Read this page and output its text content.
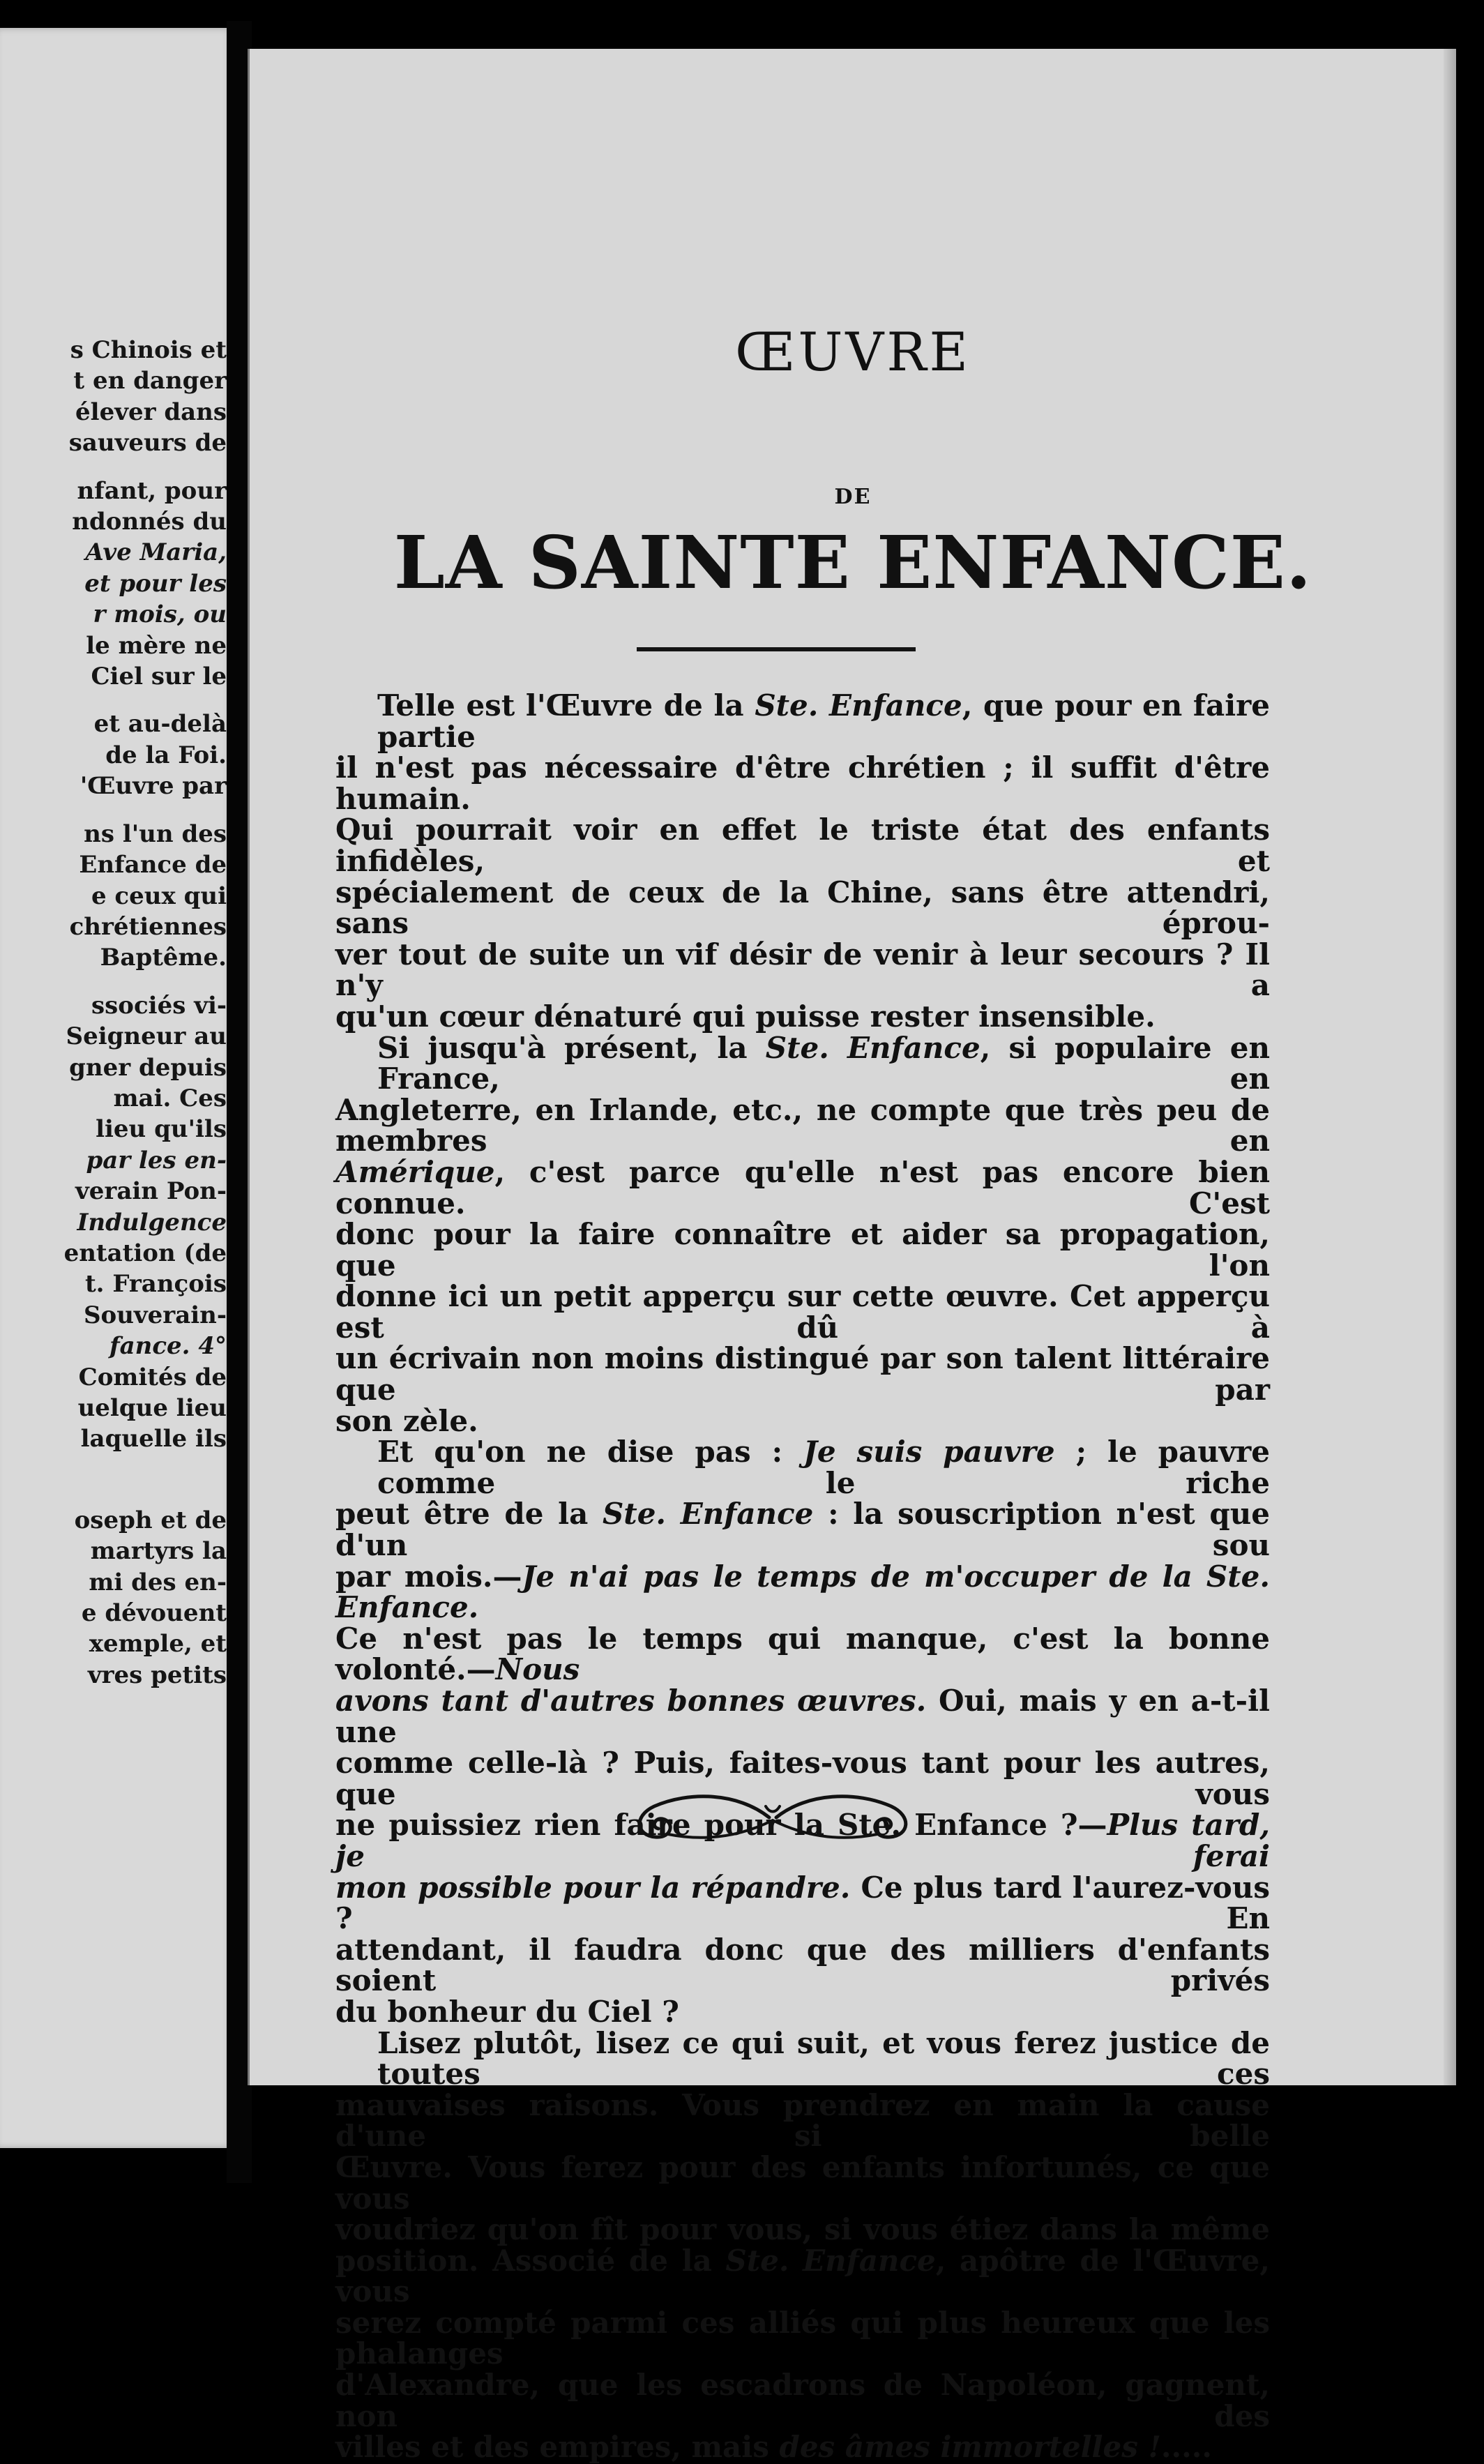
s Chinois et
t en danger
élever dans
sauveurs de
nfant, pour
ndonnés du
Ave Maria,
et pour les
r mois, ou
le mère ne
Ciel sur le
et au-delà
de la Foi.
'Œuvre par
ns l'un des
Enfance de
e ceux qui
chrétiennes
Baptême.
ssociés vi-
Seigneur au
gner depuis
mai. Ces
lieu qu'ils
par les en-
verain Pon-
Indulgence
entation (de
t. François
Souverain-
fance. 4°
Comités de
uelque lieu
laquelle ils
oseph et de
martyrs la
mi des en-
e dévouent
xemple, et
vres petits
ŒUVRE
DE
LA SAINTE ENFANCE.
Telle est l'Œuvre de la Ste. Enfance, que pour en faire partie
il n'est pas nécessaire d'être chrétien ; il suffit d'être humain.
Qui pourrait voir en effet le triste état des enfants infidèles, et
spécialement de ceux de la Chine, sans être attendri, sans éprou-
ver tout de suite un vif désir de venir à leur secours ? Il n'y a
qu'un cœur dénaturé qui puisse rester insensible.
Si jusqu'à présent, la Ste. Enfance, si populaire en France, en
Angleterre, en Irlande, etc., ne compte que très peu de membres en
Amérique, c'est parce qu'elle n'est pas encore bien connue. C'est
donc pour la faire connaître et aider sa propagation, que l'on
donne ici un petit apperçu sur cette œuvre. Cet apperçu est dû à
un écrivain non moins distingué par son talent littéraire que par
son zèle.
Et qu'on ne dise pas : Je suis pauvre ; le pauvre comme le riche
peut être de la Ste. Enfance : la souscription n'est que d'un sou
par mois.—Je n'ai pas le temps de m'occuper de la Ste. Enfance.
Ce n'est pas le temps qui manque, c'est la bonne volonté.—Nous
avons tant d'autres bonnes œuvres. Oui, mais y en a-t-il une
comme celle-là ? Puis, faites-vous tant pour les autres, que vous
ne puissiez rien faire pour la Ste. Enfance ?—Plus tard, je ferai
mon possible pour la répandre. Ce plus tard l'aurez-vous ? En
attendant, il faudra donc que des milliers d'enfants soient privés
du bonheur du Ciel ?
Lisez plutôt, lisez ce qui suit, et vous ferez justice de toutes ces
mauvaises raisons. Vous prendrez en main la cause d'une si belle
Œuvre. Vous ferez pour des enfants infortunés, ce que vous
voudriez qu'on fît pour vous, si vous étiez dans la même
position. Associé de la Ste. Enfance, apôtre de l'Œuvre, vous
serez compté parmi ces alliés qui plus heureux que les phalanges
d'Alexandre, que les escadrons de Napoléon, gagnent, non des
villes et des empires, mais des âmes immortelles !.....
